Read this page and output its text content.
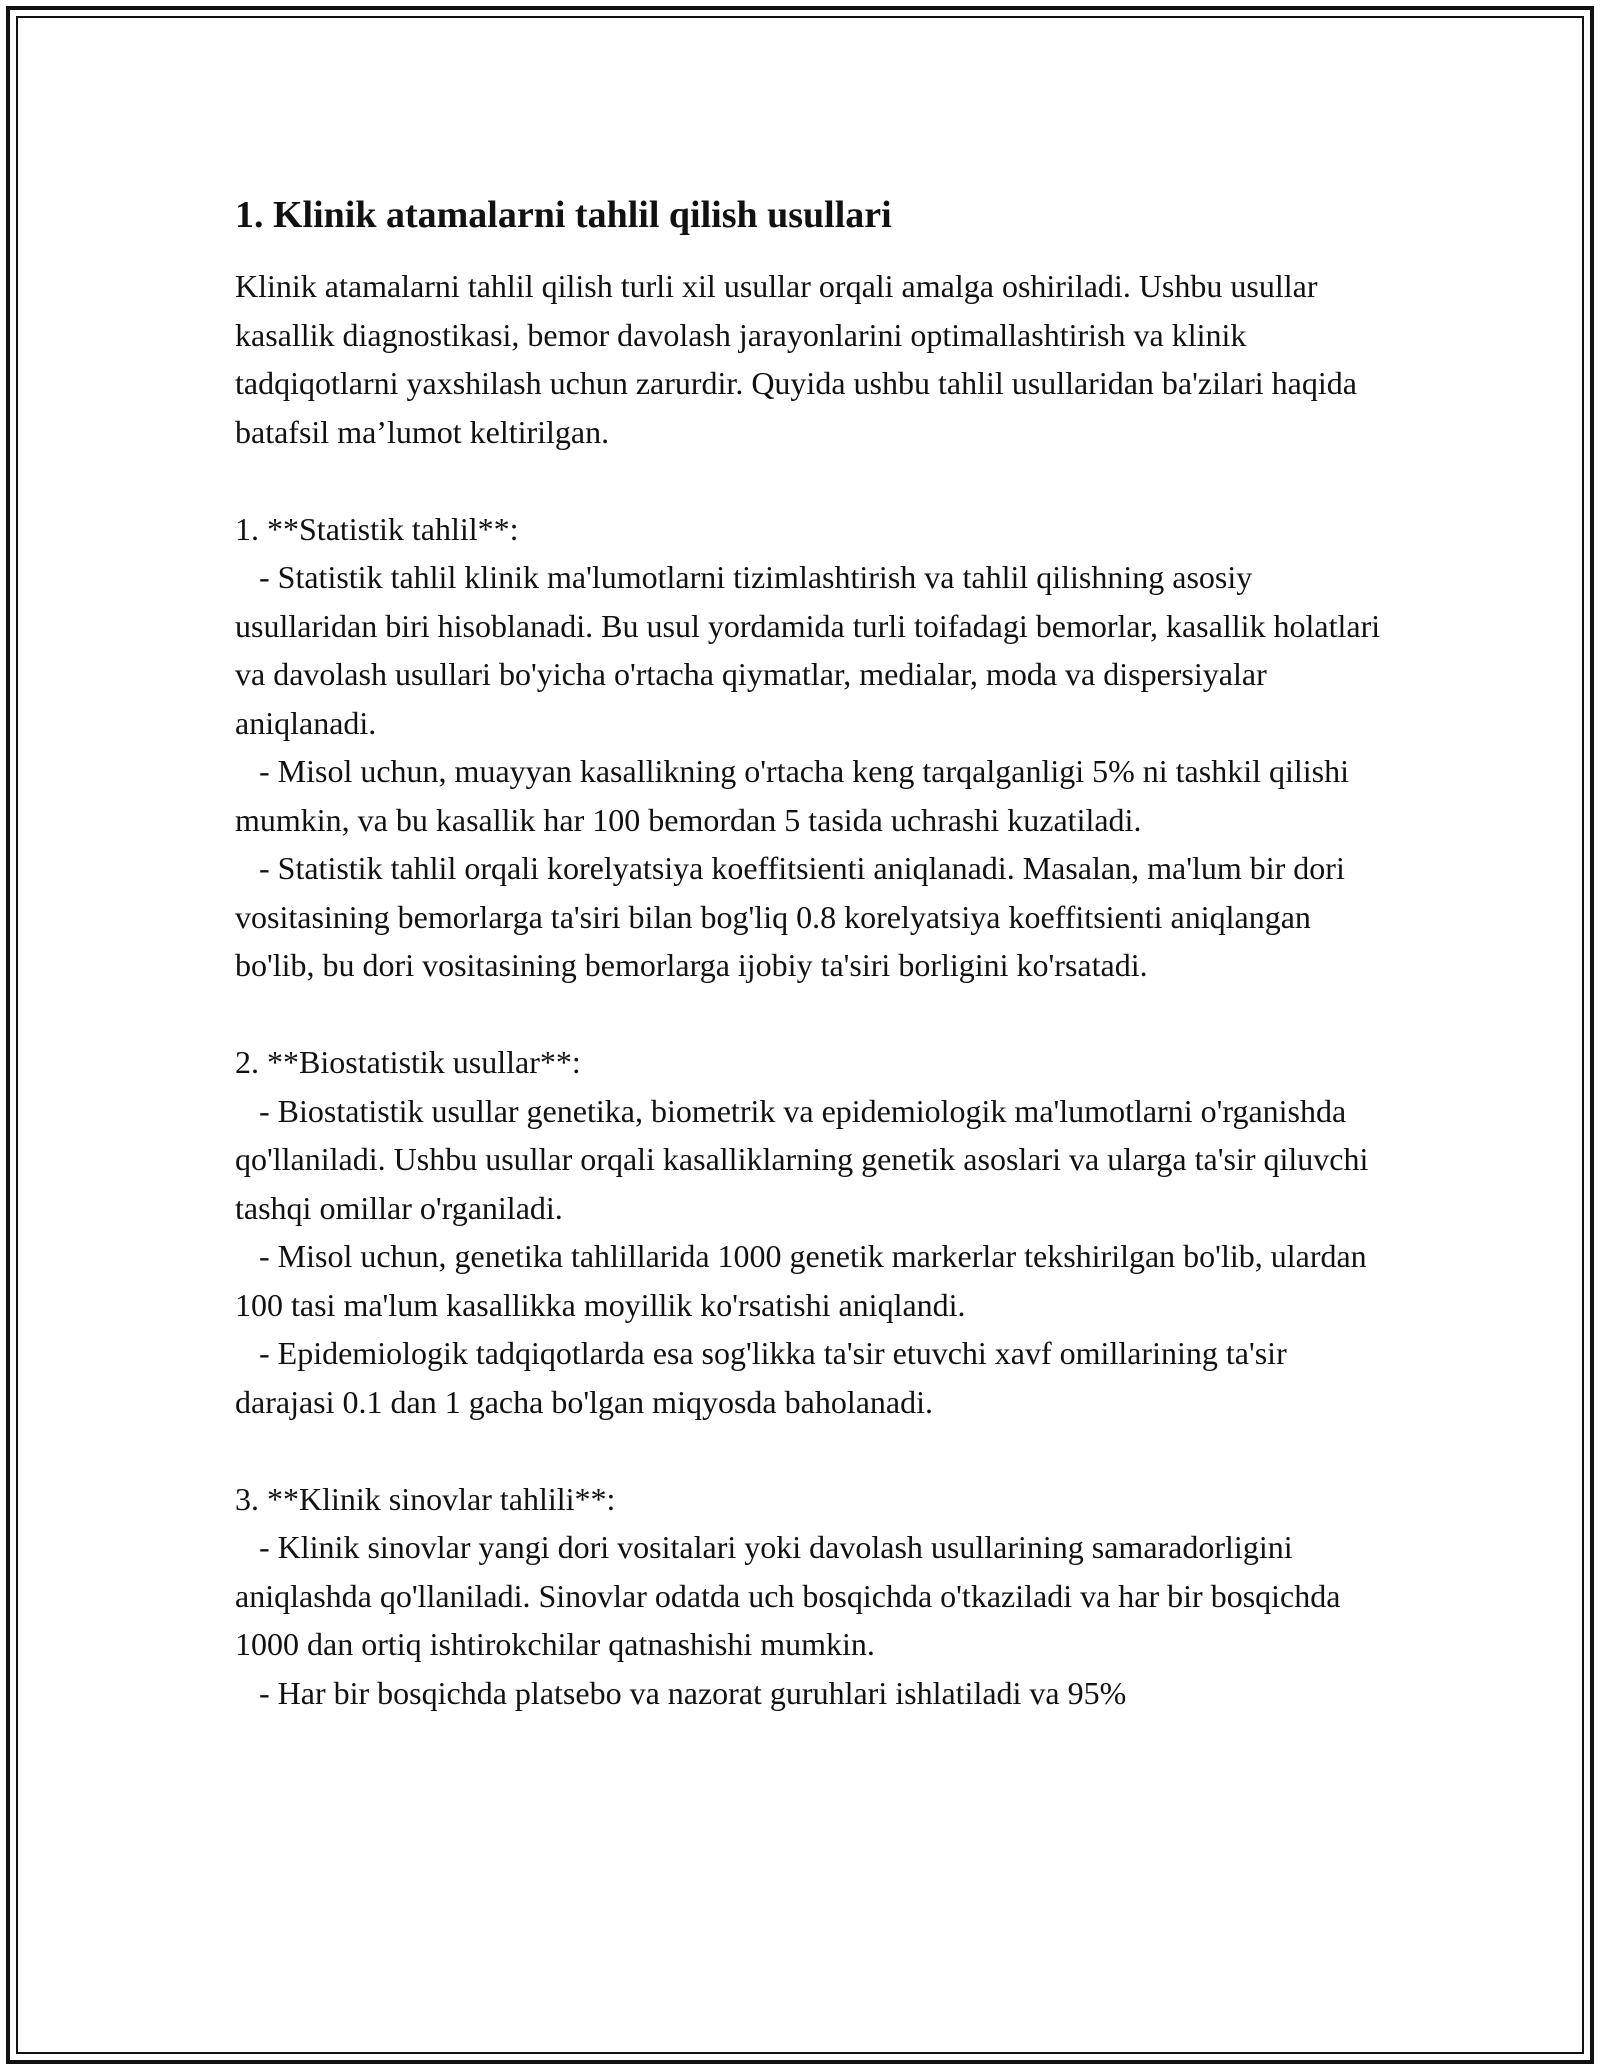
1. Klinik atamalarni tahlil qilish usullari

Klinik atamalarni tahlil qilish turli xil usullar orqali amalga oshiriladi. Ushbu usullar kasallik diagnostikasi, bemor davolash jarayonlarini optimallashtirish va klinik tadqiqotlarni yaxshilash uchun zarurdir. Quyida ushbu tahlil usullaridan ba'zilari haqida batafsil ma’lumot keltirilgan.

1. **Statistik tahlil**:

- Statistik tahlil klinik ma'lumotlarni tizimlashtirish va tahlil qilishning asosiy usullaridan biri hisoblanadi. Bu usul yordamida turli toifadagi bemorlar, kasallik holatlari va davolash usullari bo'yicha o'rtacha qiymatlar, medialar, moda va dispersiyalar aniqlanadi.

- Misol uchun, muayyan kasallikning o'rtacha keng tarqalganligi 5% ni tashkil qilishi mumkin, va bu kasallik har 100 bemordan 5 tasida uchrashi kuzatiladi.

- Statistik tahlil orqali korelyatsiya koeffitsienti aniqlanadi. Masalan, ma'lum bir dori vositasining bemorlarga ta'siri bilan bog'liq 0.8 korelyatsiya koeffitsienti aniqlangan bo'lib, bu dori vositasining bemorlarga ijobiy ta'siri borligini ko'rsatadi.

2. **Biostatistik usullar**:

- Biostatistik usullar genetika, biometrik va epidemiologik ma'lumotlarni o'rganishda qo'llaniladi. Ushbu usullar orqali kasalliklarning genetik asoslari va ularga ta'sir qiluvchi tashqi omillar o'rganiladi.

- Misol uchun, genetika tahlillarida 1000 genetik markerlar tekshirilgan bo'lib, ulardan 100 tasi ma'lum kasallikka moyillik ko'rsatishi aniqlandi.

- Epidemiologik tadqiqotlarda esa sog'likka ta'sir etuvchi xavf omillarining ta'sir darajasi 0.1 dan 1 gacha bo'lgan miqyosda baholanadi.

3. **Klinik sinovlar tahlili**:

- Klinik sinovlar yangi dori vositalari yoki davolash usullarining samaradorligini aniqlashda qo'llaniladi. Sinovlar odatda uch bosqichda o'tkaziladi va har bir bosqichda 1000 dan ortiq ishtirokchilar qatnashishi mumkin.

- Har bir bosqichda platsebo va nazorat guruhlari ishlatiladi va 95%
